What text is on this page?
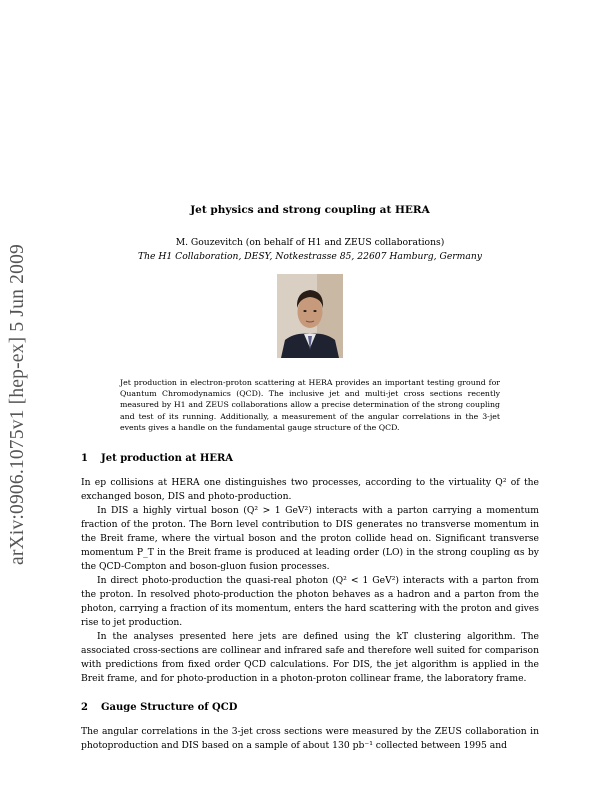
arXiv:0906.1075v1 [hep-ex] 5 Jun 2009
Jet physics and strong coupling at HERA
M. Gouzevitch (on behalf of H1 and ZEUS collaborations)
The H1 Collaboration, DESY, Notkestrasse 85, 22607 Hamburg, Germany
Jet production in electron-proton scattering at HERA provides an important testing ground for Quantum Chromodynamics (QCD). The inclusive jet and multi-jet cross sections recently measured by H1 and ZEUS collaborations allow a precise determination of the strong coupling and test of its running. Additionally, a measurement of the angular correlations in the 3-jet events gives a handle on the fundamental gauge structure of the QCD.
1 Jet production at HERA

In ep collisions at HERA one distinguishes two processes, according to the virtuality Q² of the exchanged boson, DIS and photo-production.

In DIS a highly virtual boson (Q² > 1 GeV²) interacts with a parton carrying a momentum fraction of the proton. The Born level contribution to DIS generates no transverse momentum in the Breit frame, where the virtual boson and the proton collide head on. Significant transverse momentum P_T in the Breit frame is produced at leading order (LO) in the strong coupling αs by the QCD-Compton and boson-gluon fusion processes.

In direct photo-production the quasi-real photon (Q² < 1 GeV²) interacts with a parton from the proton. In resolved photo-production the photon behaves as a hadron and a parton from the photon, carrying a fraction of its momentum, enters the hard scattering with the proton and gives rise to jet production.

In the analyses presented here jets are defined using the kT clustering algorithm. The associated cross-sections are collinear and infrared safe and therefore well suited for comparison with predictions from fixed order QCD calculations. For DIS, the jet algorithm is applied in the Breit frame, and for photo-production in a photon-proton collinear frame, the laboratory frame.

2 Gauge Structure of QCD

The angular correlations in the 3-jet cross sections were measured by the ZEUS collaboration in photoproduction and DIS based on a sample of about 130 pb⁻¹ collected between 1995 and
